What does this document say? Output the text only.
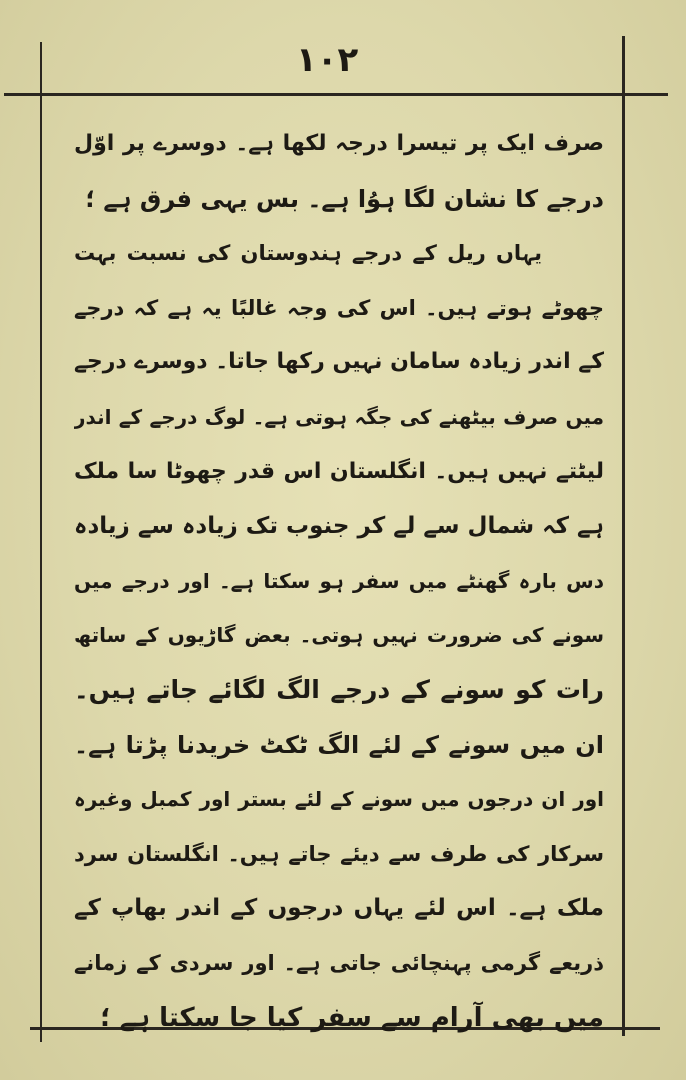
۱۰۲
صرف ایک پر تیسرا درجہ لکھا ہے۔ دوسرے پر اوّل
درجے کا نشان لگا ہوُا ہے۔ بس یہی فرق ہے ؛
یہاں ریل کے درجے ہندوستان کی نسبت بہت
چھوٹے ہوتے ہیں۔ اس کی وجہ غالبًا یہ ہے کہ درجے
کے اندر زیادہ سامان نہیں رکھا جاتا۔ دوسرے درجے
میں صرف بیٹھنے کی جگہ ہوتی ہے۔ لوگ درجے کے اندر
لیٹتے نہیں ہیں۔ انگلستان اس قدر چھوٹا سا ملک
ہے کہ شمال سے لے کر جنوب تک زیادہ سے زیادہ
دس بارہ گھنٹے میں سفر ہو سکتا ہے۔ اور درجے میں
سونے کی ضرورت نہیں ہوتی۔ بعض گاڑیوں کے ساتھ
رات کو سونے کے درجے الگ لگائے جاتے ہیں۔
ان میں سونے کے لئے الگ ٹکٹ خریدنا پڑتا ہے۔
اور ان درجوں میں سونے کے لئے بستر اور کمبل وغیرہ
سرکار کی طرف سے دیئے جاتے ہیں۔ انگلستان سرد
ملک ہے۔ اس لئے یہاں درجوں کے اندر بھاپ کے
ذریعے گرمی پہنچائی جاتی ہے۔ اور سردی کے زمانے
میں بھی آرام سے سفر کیا جا سکتا ہے ؛
